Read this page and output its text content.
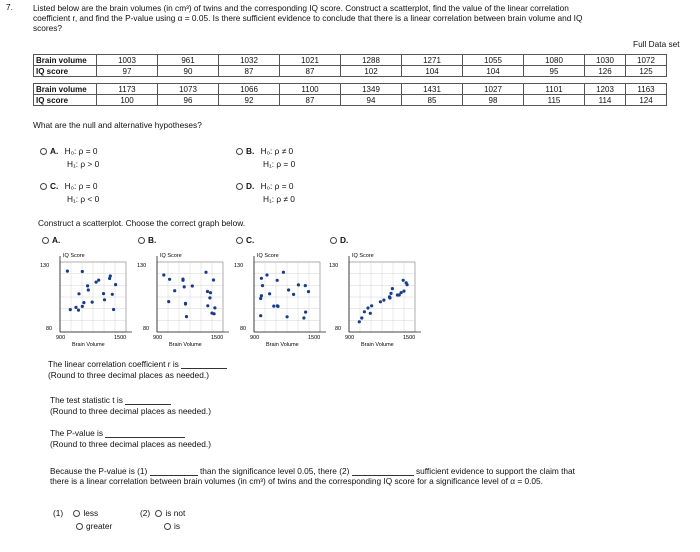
7. Listed below are the brain volumes (in cm³) of twins and the corresponding IQ score. Construct a scatterplot, find the value of the linear correlation
coefficient r, and find the P-value using α = 0.05. Is there sufficient evidence to conclude that there is a linear correlation between brain volume and IQ
scores?
Full Data set
Brain volume	1003	961	1032	1021	1288	1271	1055	1080	1030	1072
IQ score	97	90	87	87	102	104	104	95	126	125
Brain volume	1173	1073	1066	1100	1349	1431	1027	1101	1203	1163
IQ score	100	96	92	87	94	85	98	115	114	124
What are the null and alternative hypotheses?
A. H₀: ρ = 0
H₁: ρ > 0
B. H₀: ρ ≠ 0
H₁: ρ = 0
C. H₀: ρ = 0
H₁: ρ < 0
D. H₀: ρ = 0
H₁: ρ ≠ 0
Construct a scatterplot. Choose the correct graph below.
A.	B.	C.	D.
IQ Score
130
80
900	1500
Brain Volume
IQ Score
130
80
900	1500
Brain Volume
IQ Score
130
80
900	1500
Brain Volume
IQ Score
130
80
900	1500
Brain Volume
The linear correlation coefficient r is
(Round to three decimal places as needed.)
The test statistic t is
(Round to three decimal places as needed.)
The P-value is
(Round to three decimal places as needed.)
Because the P-value is (1)	than the significance level 0.05, there (2)	sufficient evidence to support the claim that
there is a linear correlation between brain volumes (in cm³) of twins and the corresponding IQ score for a significance level of α = 0.05.
(1) less
greater
(2) is not
is
